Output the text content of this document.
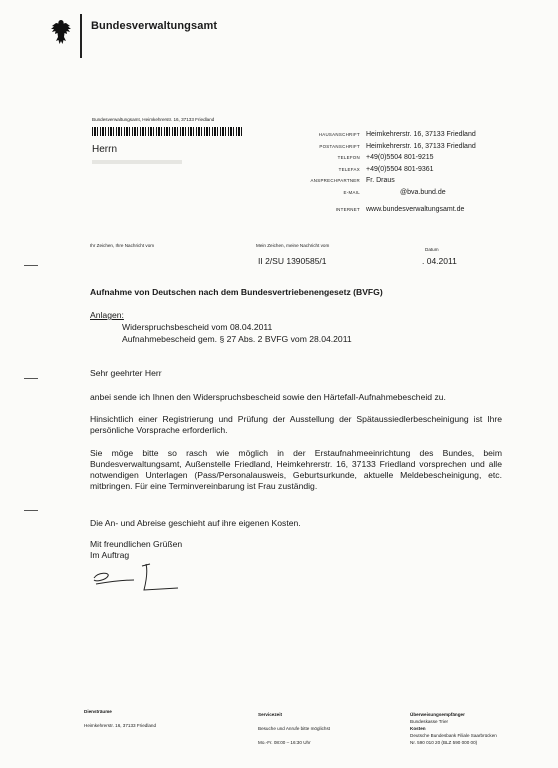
Bundesverwaltungsamt
Bundesverwaltungsamt, Heimkehrerstr. 16, 37133 Friedland
Herrn
HAUSANSCHRIFT Heimkehrerstr. 16, 37133 Friedland
POSTANSCHRIFT Heimkehrerstr. 16, 37133 Friedland
TELEFON +49(0)5504 801-9215
TELEFAX +49(0)5504 801-9361
ANSPRECHPARTNER Fr. Draus
E-MAIL	@bva.bund.de
INTERNET www.bundesverwaltungsamt.de
Ihr Zeichen, Ihre Nachricht vom	Mein Zeichen, meine Nachricht vom
II 2/SU 1390585/1
Datum
. 04.2011
Aufnahme von Deutschen nach dem Bundesvertriebenengesetz (BVFG)
Anlagen:
Widerspruchsbescheid vom 08.04.2011
Aufnahmebescheid gem. § 27 Abs. 2 BVFG vom 28.04.2011
Sehr geehrter Herr
anbei sende ich Ihnen den Widerspruchsbescheid sowie den Härtefall-Aufnahmebescheid zu.
Hinsichtlich einer Registrierung und Prüfung der Ausstellung der Spätaussiedlerbescheinigung ist Ihre persönliche Vorsprache erforderlich.
Sie möge bitte so rasch wie möglich in der Erstaufnahmeeinrichtung des Bundes, beim Bundesverwaltungsamt, Außenstelle Friedland, Heimkehrerstr. 16, 37133 Friedland vorsprechen und alle notwendigen Unterlagen (Pass/Personalausweis, Geburtsurkunde, aktuelle Meldebescheinigung, etc. mitbringen. Für eine Terminvereinbarung ist Frau zuständig.
Die An- und Abreise geschieht auf ihre eigenen Kosten.
Mit freundlichen Grüßen
Im Auftrag
Diensträume

Heimkehrerstr. 16, 37133 Friedland
Servicezeit

Besuche und Anrufe bitte möglichst

Mo.-Fr. 08:00 – 16:30 Uhr
Überweisungsempfänger
Bundeskasse Trier
Kosten
Deutsche Bundesbank Filiale Saarbrücken
Nr. 590 010 20 (BLZ 590 000 00)
